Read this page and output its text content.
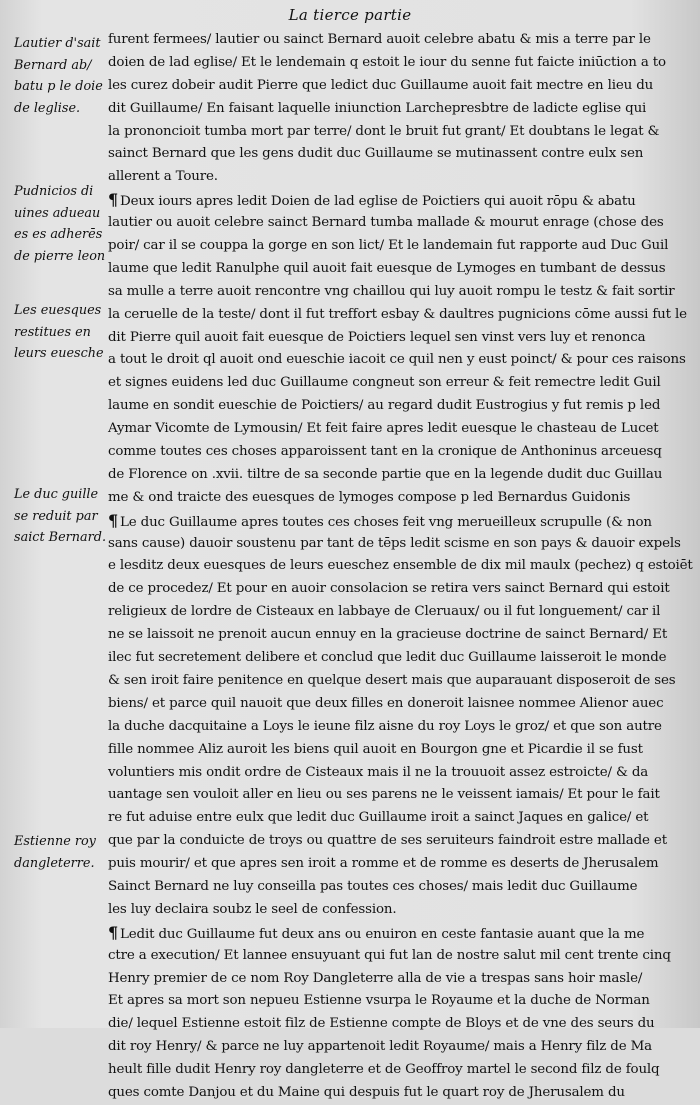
La tierce partie
Lautier d'sait
Bernard ab/
batu p le doie
de leglise.
Pudnicios di
uines adueau
es es adherēs
de pierre leon
Les euesques
restitues en
leurs euesche
Le duc guille
se reduit par
saict Bernard.
Estienne roy
dangleterre.
furent fermees/ lautier ou sainct Bernard auoit celebre abatu & mis a terre par le
doien de lad eglise/ Et le lendemain q estoit le iour du senne fut faicte iniūction a to
les curez dobeir audit Pierre que ledict duc Guillaume auoit fait mectre en lieu du
dit Guillaume/ En faisant laquelle iniunction Larchepresbtre de ladicte eglise qui
la prononcioit tumba mort par terre/ dont le bruit fut grant/ Et doubtans le legat &
sainct Bernard que les gens dudit duc Guillaume se mutinassent contre eulx sen
allerent a Toure.
¶ Deux iours apres ledit Doien de lad eglise de Poictiers qui auoit rōpu & abatu
lautier ou auoit celebre sainct Bernard tumba mallade & mourut enrage (chose des
poir/ car il se couppa la gorge en son lict/ Et le landemain fut rapporte aud Duc Guil
laume que ledit Ranulphe quil auoit fait euesque de Lymoges en tumbant de dessus
sa mulle a terre auoit rencontre vng chaillou qui luy auoit rompu le testz & fait sortir
la ceruelle de la teste/ dont il fut treffort esbay & daultres pugnicions cōme aussi fut le
dit Pierre quil auoit fait euesque de Poictiers lequel sen vinst vers luy et renonca
a tout le droit ql auoit ond eueschie iacoit ce quil nen y eust poinct/ & pour ces raisons
et signes euidens led duc Guillaume congneut son erreur & feit remectre ledit Guil
laume en sondit eueschie de Poictiers/ au regard dudit Eustrogius y fut remis p led
Aymar Vicomte de Lymousin/ Et feit faire apres ledit euesque le chasteau de Lucet
comme toutes ces choses apparoissent tant en la cronique de Anthoninus arceuesq
de Florence on .xvii. tiltre de sa seconde partie que en la legende dudit duc Guillau
me & ond traicte des euesques de lymoges compose p led Bernardus Guidonis
¶ Le duc Guillaume apres toutes ces choses feit vng merueilleux scrupulle (& non
sans cause) dauoir soustenu par tant de tēps ledit scisme en son pays & dauoir expels
e lesditz deux euesques de leurs eueschez ensemble de dix mil maulx (pechez) q estoiēt
de ce procedez/ Et pour en auoir consolacion se retira vers sainct Bernard qui estoit
religieux de lordre de Cisteaux en labbaye de Cleruaux/ ou il fut longuement/ car il
ne se laissoit ne prenoit aucun ennuy en la gracieuse doctrine de sainct Bernard/ Et
ilec fut secretement delibere et conclud que ledit duc Guillaume laisseroit le monde
& sen iroit faire penitence en quelque desert mais que auparauant disposeroit de ses
biens/ et parce quil nauoit que deux filles en doneroit laisnee nommee Alienor auec
la duche dacquitaine a Loys le ieune filz aisne du roy Loys le groz/ et que son autre
fille nommee Aliz auroit les biens quil auoit en Bourgon gne et Picardie il se fust
voluntiers mis ondit ordre de Cisteaux mais il ne la trouuoit assez estroicte/ & da
uantage sen vouloit aller en lieu ou ses parens ne le veissent iamais/ Et pour le fait
re fut aduise entre eulx que ledit duc Guillaume iroit a sainct Jaques en galice/ et
que par la conduicte de troys ou quattre de ses seruiteurs faindroit estre mallade et
puis mourir/ et que apres sen iroit a romme et de romme es deserts de Jherusalem
Sainct Bernard ne luy conseilla pas toutes ces choses/ mais ledit duc Guillaume
les luy declaira soubz le seel de confession.
¶ Ledit duc Guillaume fut deux ans ou enuiron en ceste fantasie auant que la me
ctre a execution/ Et lannee ensuyuant qui fut lan de nostre salut mil cent trente cinq
Henry premier de ce nom Roy Dangleterre alla de vie a trespas sans hoir masle/
Et apres sa mort son nepueu Estienne vsurpa le Royaume et la duche de Norman
die/ lequel Estienne estoit filz de Estienne compte de Bloys et de vne des seurs du
dit roy Henry/ & parce ne luy appartenoit ledit Royaume/ mais a Henry filz de Ma
heult fille dudit Henry roy dangleterre et de Geoffroy martel le second filz de foulq
ques comte Danjou et du Maine qui despuis fut le quart roy de Jherusalem du
